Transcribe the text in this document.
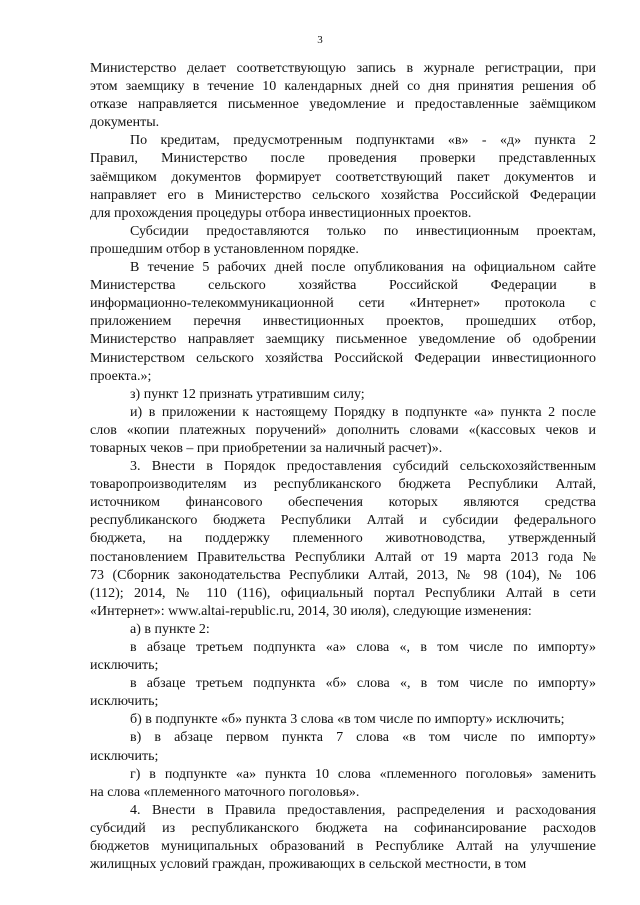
3
Министерство делает соответствующую запись в журнале регистрации, при
этом заемщику в течение 10 календарных дней со дня принятия решения об
отказе направляется письменное уведомление и предоставленные заёмщиком
документы.
По кредитам, предусмотренным подпунктами «в» - «д» пункта 2
Правил, Министерство после проведения проверки представленных
заёмщиком документов формирует соответствующий пакет документов и
направляет его в Министерство сельского хозяйства Российской Федерации
для прохождения процедуры отбора инвестиционных проектов.
Субсидии предоставляются только по инвестиционным проектам,
прошедшим отбор в установленном порядке.
В течение 5 рабочих дней после опубликования на официальном сайте
Министерства сельского хозяйства Российской Федерации в
информационно-телекоммуникационной сети «Интернет» протокола с
приложением перечня инвестиционных проектов, прошедших отбор,
Министерство направляет заемщику письменное уведомление об одобрении
Министерством сельского хозяйства Российской Федерации инвестиционного
проекта.»;
з) пункт 12 признать утратившим силу;
и) в приложении к настоящему Порядку в подпункте «а» пункта 2 после
слов «копии платежных поручений» дополнить словами «(кассовых чеков и
товарных чеков – при приобретении за наличный расчет)».
3. Внести в Порядок предоставления субсидий сельскохозяйственным
товаропроизводителям из республиканского бюджета Республики Алтай,
источником финансового обеспечения которых являются средства
республиканского бюджета Республики Алтай и субсидии федерального
бюджета, на поддержку племенного животноводства, утвержденный
постановлением Правительства Республики Алтай от 19 марта 2013 года №
73 (Сборник законодательства Республики Алтай, 2013, № 98 (104), № 106
(112); 2014, № 110 (116), официальный портал Республики Алтай в сети
«Интернет»: www.altai-republic.ru, 2014, 30 июля), следующие изменения:
а) в пункте 2:
в абзаце третьем подпункта «а» слова «, в том числе по импорту»
исключить;
в абзаце третьем подпункта «б» слова «, в том числе по импорту»
исключить;
б) в подпункте «б» пункта 3 слова «в том числе по импорту» исключить;
в) в абзаце первом пункта 7 слова «в том числе по импорту»
исключить;
г) в подпункте «а» пункта 10 слова «племенного поголовья» заменить
на слова «племенного маточного поголовья».
4. Внести в Правила предоставления, распределения и расходования
субсидий из республиканского бюджета на софинансирование расходов
бюджетов муниципальных образований в Республике Алтай на улучшение
жилищных условий граждан, проживающих в сельской местности, в том
